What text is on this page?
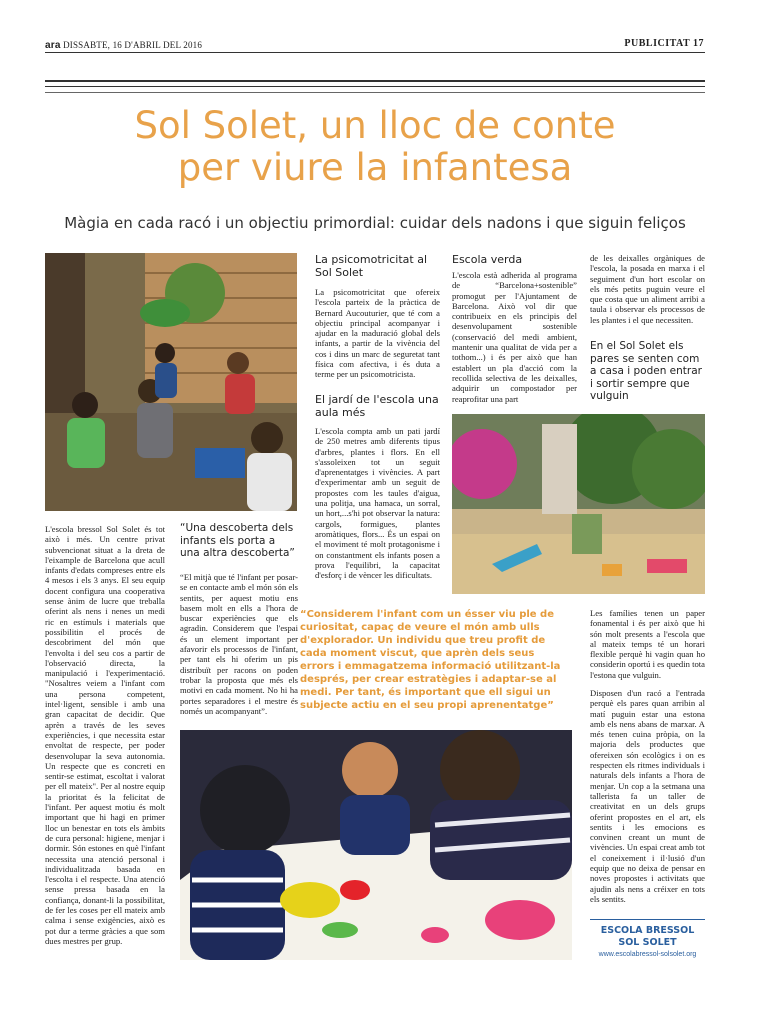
ara DISSABTE, 16 D'ABRIL DEL 2016	PUBLICITAT 17
Sol Solet, un lloc de conte
per viure la infantesa
Màgia en cada racó i un objectiu primordial: cuidar dels nadons i que siguin feliços
L'escola bressol Sol Solet és tot això i més. Un centre privat subvencionat situat a la dreta de l'eixample de Barcelona que acull infants d'edats compreses entre els 4 mesos i els 3 anys. El seu equip docent configura una cooperativa sense ànim de lucre que treballa oferint als nens i nenes un medi ric en estímuls i materials que possibilitin el procés de descobriment del món que l'envolta i del seu cos a partir de l'observació directa, la manipulació i l'experimentació. "Nosaltres veiem a l'infant com una persona competent, intel·ligent, sensible i amb una gran capacitat de decidir. Que aprèn a través de les seves experiències, i que necessita estar envoltat de respecte, per poder desenvolupar la seva autonomia. Un respecte que es concreti en sentir-se estimat, escoltat i valorat per ell mateix". Per al nostre equip la prioritat és la felicitat de l'infant. Per aquest motiu és molt important que hi hagi en primer lloc un benestar en tots els àmbits de cura personal: higiene, menjar i dormir. Són estones en què l'infant necessita una atenció personal i individualitzada basada en l'escolta i el respecte. Una atenció sense pressa basada en la confiança, donant-li la possibilitat, de fer les coses per ell mateix amb calma i sense exigències, això es pot dur a terme gràcies a que som dues mestres per grup.
“Una descoberta dels infants els porta a una altra descoberta”
“El mitjà que té l'infant per posar-se en contacte amb el món són els sentits, per aquest motiu ens basem molt en ells a l'hora de buscar experiències que els agradin. Considerem que l'espai és un element important per afavorir els processos de l'infant, per tant els hi oferim un pis distribuït per racons on poden trobar la proposta que més els motivi en cada moment. No hi ha portes separadores i el mestre és només un acompanyant”.
La psicomotricitat al Sol Solet
La psicomotricitat que ofereix l'escola parteix de la pràctica de Bernard Aucouturier, que té com a objectiu principal acompanyar i ajudar en la maduració global dels infants, a partir de la vivència del cos i dins un marc de seguretat tant física com afectiva, i és duta a terme per un psicomotricista.
El jardí de l'escola una aula més
L'escola compta amb un pati jardí de 250 metres amb diferents tipus d'arbres, plantes i flors. En ell s'assoleixen tot un seguit d'aprenentatges i vivències. A part d'experimentar amb un seguit de propostes com les taules d'aigua, una politja, una hamaca, un sorral, un hort,...s'hi pot observar la natura: cargols, formigues, plantes aromàtiques, flors... És un espai on el moviment té molt protagonisme i on constantment els infants posen a prova l'equilibri, la capacitat d'esforç i de vèncer les dificultats.
Escola verda
L'escola està adherida al programa de “Barcelona+sostenible” promogut per l'Ajuntament de Barcelona. Això vol dir que contribueix en els principis del desenvolupament sostenible (conservació del medi ambient, mantenir una qualitat de vida per a tothom...) i és per això que han establert un pla d'acció com la recollida selectiva de les deixalles, adquirir un compostador per reaprofitar una part
de les deixalles orgàniques de l'escola, la posada en marxa i el seguiment d'un hort escolar on els més petits puguin veure el que costa que un aliment arribi a taula i observar els processos de les plantes i el que necessiten.
En el Sol Solet els pares se senten com a casa i poden entrar i sortir sempre que vulguin
“Considerem l'infant com un ésser viu ple de curiositat, capaç de veure el món amb ulls d'explorador. Un individu que treu profit de cada moment viscut, que aprèn dels seus errors i emmagatzema informació utilitzant-la després, per crear estratègies i adaptar-se al medi. Per tant, és important que ell sigui un subjecte actiu en el seu propi aprenentatge”
Les famílies tenen un paper fonamental i és per això que hi són molt presents a l'escola que al mateix temps té un horari flexible perquè hi vagin quan ho considerin oportú i es quedin tota l'estona que vulguin.
Disposen d'un racó a l'entrada perquè els pares quan arribin al matí puguin estar una estona amb els nens abans de marxar. A més tenen cuina pròpia, on la majoria dels productes que ofereixen són ecològics i on es respecten els ritmes individuals i naturals dels infants a l'hora de menjar. Un cop a la setmana una tallerista fa un taller de creativitat en un dels grups oferint propostes en el art, els sentits i les emocions es convinen creant un munt de vivències. Un espai creat amb tot el coneixement i il·lusió d'un equip que no deixa de pensar en noves propostes i activitats que ajudin als nens a créixer en tots els sentits.
ESCOLA BRESSOL
SOL SOLET
www.escolabressol-solsolet.org
